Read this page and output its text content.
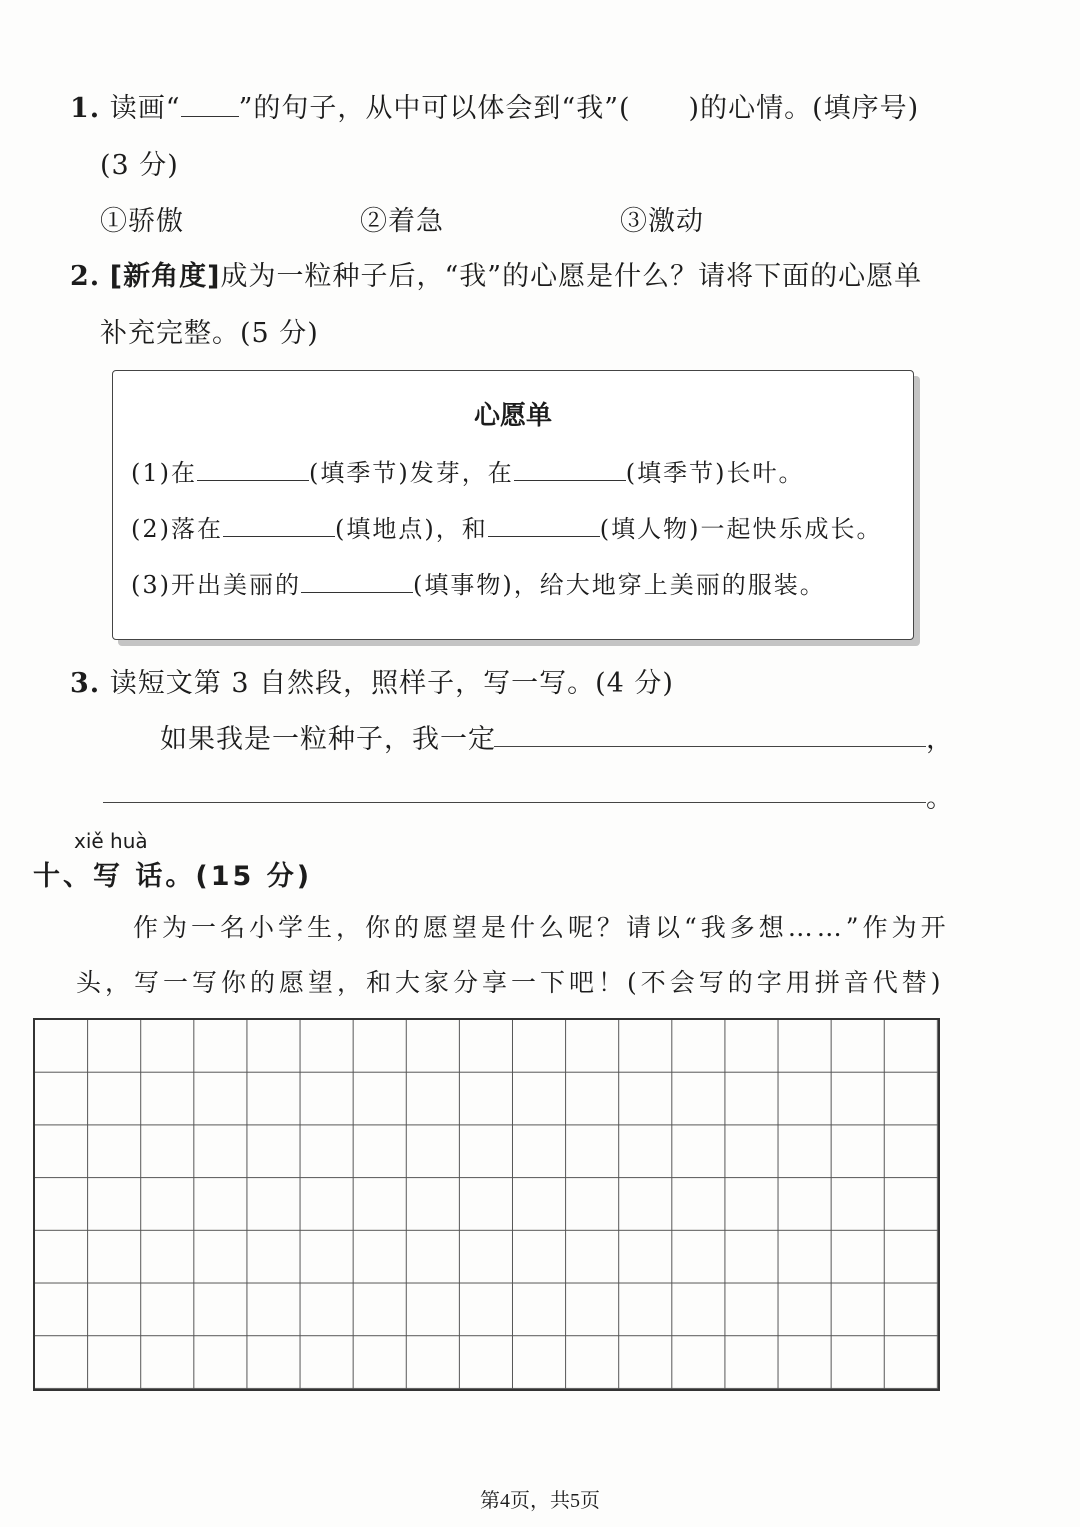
1. 读画“ ”的句子，从中可以体会到“我”( )的心情。(填序号)
(3 分)
①骄傲	②着急	③激动
2. [新角度]成为一粒种子后，“我”的心愿是什么？请将下面的心愿单
补充完整。(5 分)
心愿单
(1)在	(填季节)发芽，在	(填季节)长叶。
(2)落在	(填地点)，和	(填人物)一起快乐成长。
(3)开出美丽的	(填事物)，给大地穿上美丽的服装。
3. 读短文第 3 自然段，照样子，写一写。(4 分)
如果我是一粒种子，我一定	，
。
xiě huà
十、写 话。(15 分)
作为一名小学生，你的愿望是什么呢？请以“我多想……”作为开
头，写一写你的愿望，和大家分享一下吧！(不会写的字用拼音代替)
第4页，共5页
